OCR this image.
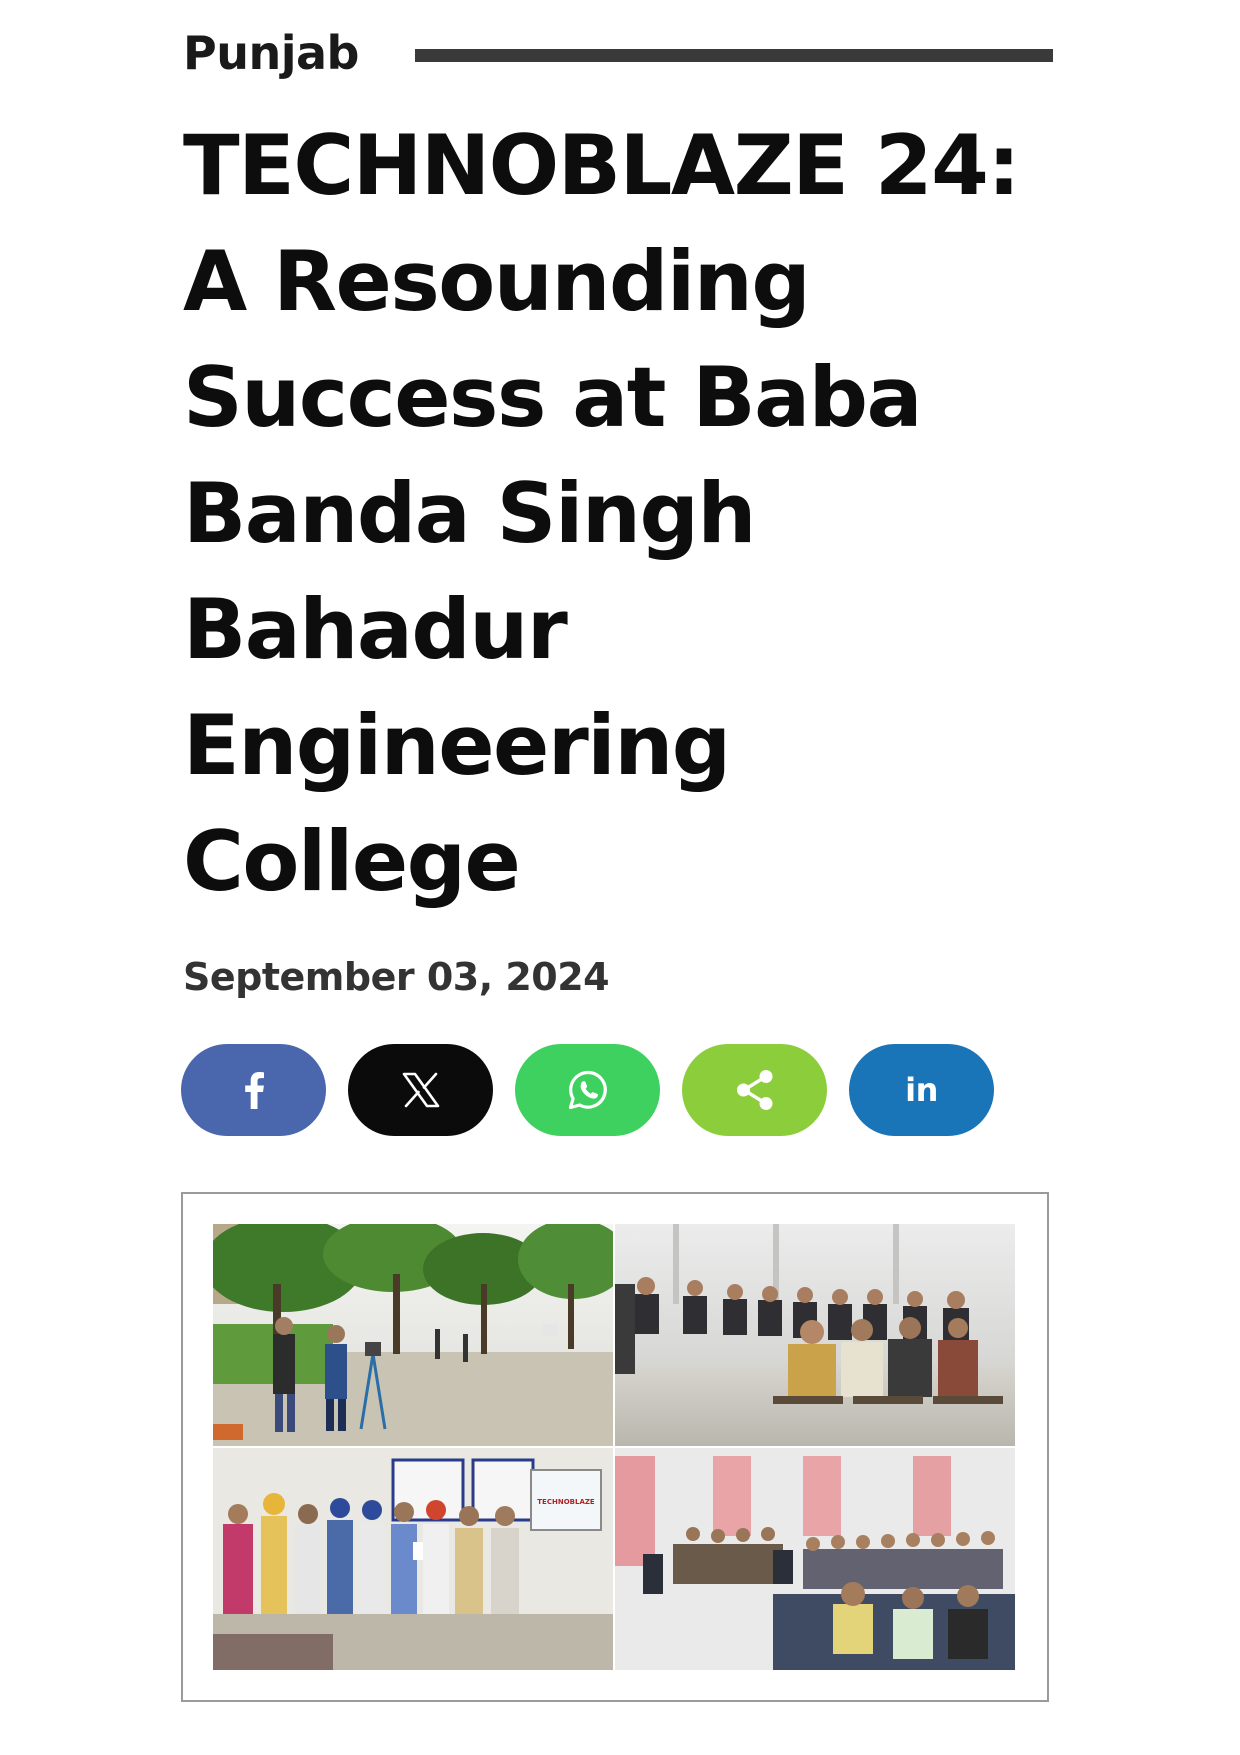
Punjab
TECHNOBLAZE 24:
A Resounding
Success at Baba
Banda Singh
Bahadur
Engineering
College
September 03, 2024
in
TECHNOBLAZE
